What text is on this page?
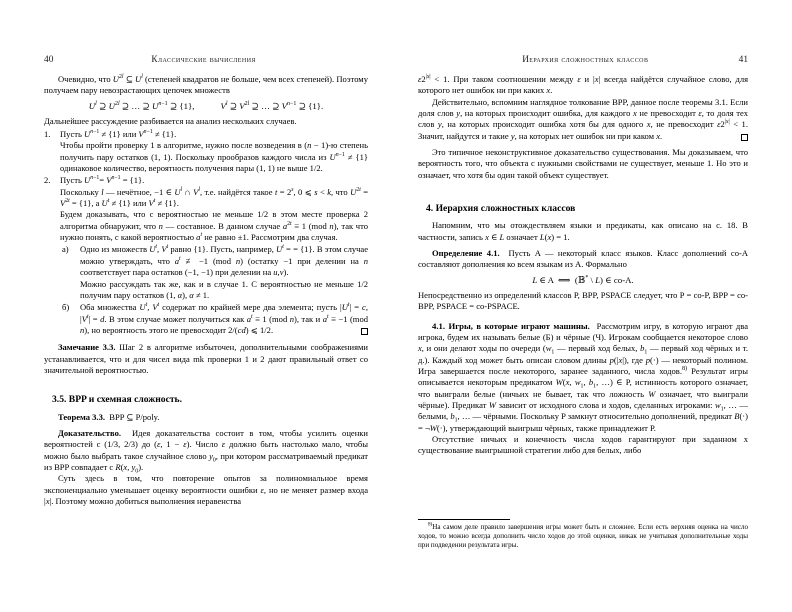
40	Классические вычисления

Очевидно, что $U^{2l}$ ⊆ $U^l$ (степеней квадратов не больше, чем всех степеней). Поэтому получаем пару невозрастающих цепочек множеств

$U^l$ ⊇ $U^{2l}$ ⊇ … ⊇ $U^{n-1}$ ⊇ {1},	$V^l$ ⊇ $V^{2l}$ ⊇ … ⊇ $V^{n-1}$ ⊇ {1}.

Дальнейшее рассуждение разбивается на анализ нескольких случаев.

1.	Пусть $U^{n-1} \ne \{1\}$ или $V^{n-1} \ne \{1\}$.
Чтобы пройти проверку 1 в алгоритме, нужно после возведения в (n − 1)-ю степень получить пару остатков (1, 1). Поскольку прообразов каждого числа из $U^{n-1} \ne \{1\}$ одинаковое количество, вероятность получения пары (1, 1) не выше 1/2.
2.	Пусть $U^{n-1}= V^{n-1} = \{1\}$.
Поскольку l — нечётное, −1 ∈ $U^l$ ∩ $V^l$, т.е. найдётся такое $t = 2^s$, 0 ⩽ s < k, что $U^{2t} = V^{2t} = \{1\}$, а $U^t \ne \{1\}$ или $V^t \ne \{1\}$.
Будем доказывать, что с вероятностью не меньше 1/2 в этом месте проверка 2 алгоритма обнаружит, что n — составное. В данном случае $a^{2t} \equiv 1$ (mod n), так что нужно понять, с какой вероятностью $a^t$ не равно ±1. Рассмотрим два случая.
а)	Одно из множеств $U^t$, $V^t$ равно {1}. Пусть, например, $U^t$ = = {1}. В этом случае можно утверждать, что $a^t$ ≢ −1 (mod n) (остатку −1 при делении на n соответствует пара остатков (−1, −1) при делении на u,v).
Можно рассуждать так же, как и в случае 1. С вероятностью не меньше 1/2 получим пару остатков (1, α), α ≠ 1.
б)	Оба множества $U^t$, $V^t$ содержат по крайней мере два элемента; пусть $|U^t| = c$, $|V^t| = d$. В этом случае может получиться как $a^t \equiv 1$ (mod n), так и $a^t \equiv -1$ (mod n), но вероятность этого не превосходит 2/(cd) ⩽ 1/2.

Замечание 3.3. Шаг 2 в алгоритме избыточен, дополнительными соображениями устанавливается, что и для чисел вида mk проверки 1 и 2 дают правильный ответ со значительной вероятностью.

3.5. BPP и схемная сложность.

Теорема 3.3. BPP ⊆ P/poly.

Доказательство.  Идея доказательства состоит в том, чтобы усилить оценки вероятностей с (1/3, 2/3) до (ε, 1 − ε). Число ε должно быть настолько мало, чтобы можно было выбрать такое случайное слово $y_0$, при котором рассматриваемый предикат из BPP совпадает с R(x, $y_0$).

Суть здесь в том, что повторение опытов за полиномиальное время экспоненциально уменьшает оценку вероятности ошибки ε, но не меняет размер входа |x|. Поэтому можно добиться выполнения неравенства

Иерархия сложностных классов	41

$\varepsilon 2^{|x|} < 1$. При таком соотношении между ε и |x| всегда найдётся случайное слово, для которого нет ошибок ни при каких x.

Действительно, вспомним наглядное толкование BPP, данное после теоремы 3.1. Если доля слов y, на которых происходит ошибка, для каждого x не превосходит ε, то доля тех слов y, на которых происходит ошибка хотя бы для одного x, не превосходит $\varepsilon 2^{|x|} < 1$. Значит, найдутся и такие y, на которых нет ошибок ни при каком x.

Это типичное неконструктивное доказательство существования. Мы доказываем, что вероятность того, что объекта с нужными свойствами не существует, меньше 1. Но это и означает, что хотя бы один такой объект существует.

4. Иерархия сложностных классов

Напомним, что мы отождествляем языки и предикаты, как описано на с. 18. В частности, запись x ∈ L означает L(x) = 1.

Определение 4.1. Пусть A — некоторый класс языков. Класс дополнений co-A составляют дополнения ко всем языкам из A. Формально

L ∈ A  ⟺  (𝔹* \ L) ∈ co-A.

Непосредственно из определений классов P, BPP, PSPACE следует, что P = co-P, BPP = co-BPP, PSPACE = co-PSPACE.

4.1. Игры, в которые играют машины.  Рассмотрим игру, в которую играют два игрока, будем их называть белые (Б) и чёрные (Ч). Игрокам сообщается некоторое слово x, и они делают ходы по очереди ($w_1$ — первый ход белых, $b_1$ — первый ход чёрных и т. д.). Каждый ход может быть описан словом длины p(|x|), где p(·) — некоторый полином. Игра завершается после некоторого, заранее заданного, числа ходов.$^{8)}$ Результат игры описывается некоторым предикатом W(x, $w_1$, $b_1$, …) ∈ P, истинность которого означает, что выиграли белые (ничьих не бывает, так что ложность W означает, что выиграли чёрные). Предикат W зависит от исходного слова и ходов, сделанных игроками: $w_1$, … — белыми, $b_1$, … — чёрными. Поскольку P замкнут относительно дополнений, предикат B(·) = ¬W(·), утверждающий выигрыш чёрных, также принадлежит P.

Отсутствие ничьих и конечность числа ходов гарантируют при заданном x существование выигрышной стратегии либо для белых, либо

$^{8)}$На самом деле правило завершения игры может быть и сложнее. Если есть верхняя оценка на число ходов, то можно всегда дополнить число ходов до этой оценки, никак не учитывая дополнительные ходы при подведении результата игры.
